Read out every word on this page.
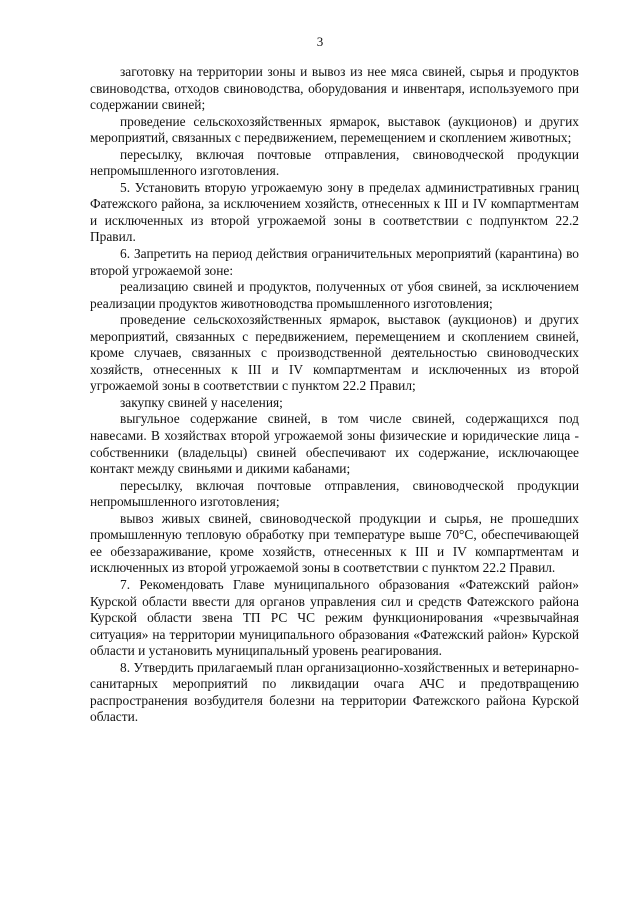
3

заготовку на территории зоны и вывоз из нее мяса свиней, сырья и продуктов свиноводства, отходов свиноводства, оборудования и инвентаря, используемого при содержании свиней;

проведение сельскохозяйственных ярмарок, выставок (аукционов) и других мероприятий, связанных с передвижением, перемещением и скоплением животных;

пересылку, включая почтовые отправления, свиноводческой продукции непромышленного изготовления.

5. Установить вторую угрожаемую зону в пределах административных границ Фатежского района, за исключением хозяйств, отнесенных к III и IV компартментам и исключенных из второй угрожаемой зоны в соответствии с подпунктом 22.2 Правил.

6. Запретить на период действия ограничительных мероприятий (карантина) во второй угрожаемой зоне:

реализацию свиней и продуктов, полученных от убоя свиней, за исключением реализации продуктов животноводства промышленного изготовления;

проведение сельскохозяйственных ярмарок, выставок (аукционов) и других мероприятий, связанных с передвижением, перемещением и скоплением свиней, кроме случаев, связанных с производственной деятельностью свиноводческих хозяйств, отнесенных к III и IV компартментам и исключенных из второй угрожаемой зоны в соответствии с пунктом 22.2 Правил;

закупку свиней у населения;

выгульное содержание свиней, в том числе свиней, содержащихся под навесами. В хозяйствах второй угрожаемой зоны физические и юридические лица - собственники (владельцы) свиней обеспечивают их содержание, исключающее контакт между свиньями и дикими кабанами;

пересылку, включая почтовые отправления, свиноводческой продукции непромышленного изготовления;

вывоз живых свиней, свиноводческой продукции и сырья, не прошедших промышленную тепловую обработку при температуре выше 70°C, обеспечивающей ее обеззараживание, кроме хозяйств, отнесенных к III и IV компартментам и исключенных из второй угрожаемой зоны в соответствии с пунктом 22.2 Правил.

7. Рекомендовать Главе муниципального образования «Фатежский район» Курской области ввести для органов управления сил и средств Фатежского района Курской области звена ТП РС ЧС режим функционирования «чрезвычайная ситуация» на территории муниципального образования «Фатежский район» Курской области и установить муниципальный уровень реагирования.

8. Утвердить прилагаемый план организационно-хозяйственных и ветеринарно-санитарных мероприятий по ликвидации очага АЧС и предотвращению распространения возбудителя болезни на территории Фатежского района Курской области.
